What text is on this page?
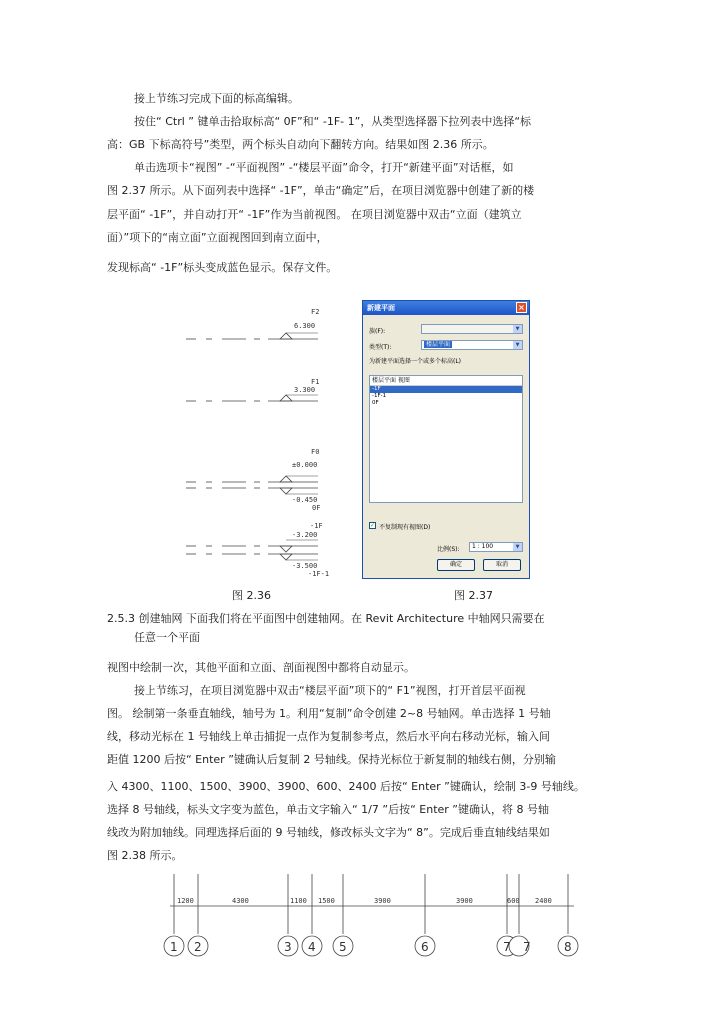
接上节练习完成下面的标高编辑。
按住“ Ctrl ” 键单击拾取标高“ 0F”和“ -1F- 1”，从类型选择器下拉列表中选择“标
高：GB 下标高符号”类型，两个标头自动向下翻转方向。结果如图 2.36 所示。
单击选项卡“视图” -“平面视图” -“楼层平面”命令，打开“新建平面”对话框，如
图 2.37 所示。从下面列表中选择“ -1F”，单击“确定”后，在项目浏览器中创建了新的楼
层平面“ -1F”，并自动打开“ -1F”作为当前视图。 在项目浏览器中双击“立面（建筑立
面）”项下的“南立面”立面视图回到南立面中，
发现标高“ -1F”标头变成蓝色显示。保存文件。
F2
6.300
F1
3.300
F0
±0.000
-0.450
0F
-1F
-3.200
-3.500
-1F-1
新建平面	×
族(F):	▼
类型(T):	楼层平面	▼
为新建平面选择一个或多个标高(L)
楼层平面 视图
-1F
-1F-1
0F
✓ 不复制现有视图(D)
比例(S):	1 : 100	▼
确定	取消
图 2.36	图 2.37
2.5.3 创建轴网 下面我们将在平面图中创建轴网。在 Revit Architecture 中轴网只需要在
任意一个平面
视图中绘制一次，其他平面和立面、剖面视图中都将自动显示。
接上节练习，在项目浏览器中双击“楼层平面”项下的“ F1”视图，打开首层平面视
图。 绘制第一条垂直轴线，轴号为 1。利用“复制”命令创建 2~8 号轴网。单击选择 1 号轴
线，移动光标在 1 号轴线上单击捕捉一点作为复制参考点，然后水平向右移动光标，输入间
距值 1200 后按“ Enter ”键确认后复制 2 号轴线。保持光标位于新复制的轴线右侧，分别输
入 4300、1100、1500、3900、3900、600、2400 后按“ Enter ”键确认，绘制 3-9 号轴线。
选择 8 号轴线，标头文字变为蓝色，单击文字输入“ 1/7 ”后按“ Enter ”键确认，将 8 号轴
线改为附加轴线。同理选择后面的 9 号轴线，修改标头文字为“ 8”。完成后垂直轴线结果如
图 2.38 所示。
1200	4300	1100 1500	3900	3900	600 2400
1 2	3 4 5	6	7 7	8
